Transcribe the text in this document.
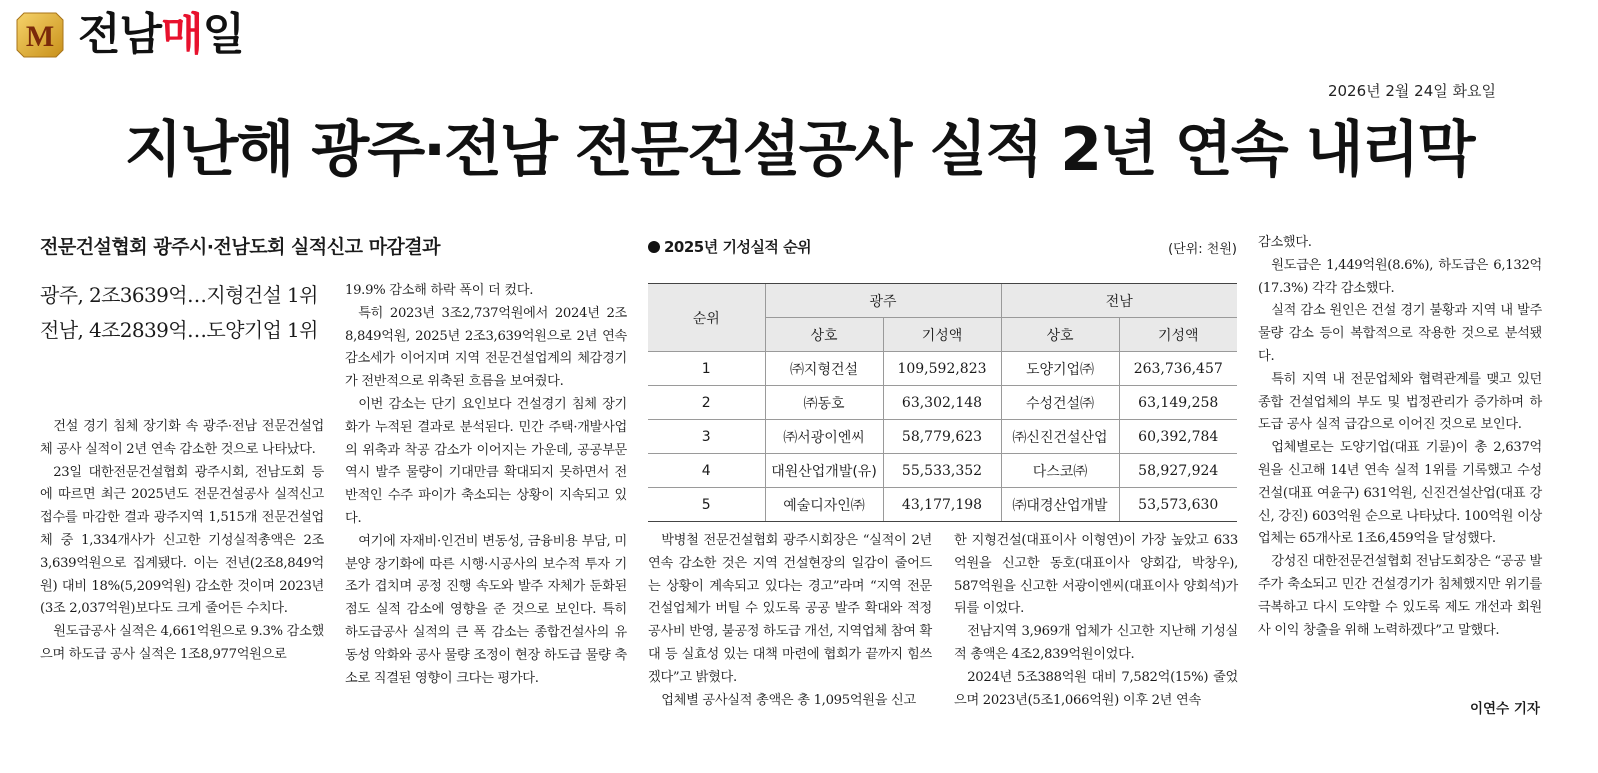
M 전남매일
2026년 2월 24일 화요일
지난해 광주·전남 전문건설공사 실적 2년 연속 내리막
전문건설협회 광주시·전남도회 실적신고 마감결과
광주, 2조3639억…지형건설 1위
전남, 4조2839억…도양기업 1위

건설 경기 침체 장기화 속 광주·전남 전문건설업체 공사 실적이 2년 연속 감소한 것으로 나타났다.

23일 대한전문건설협회 광주시회, 전남도회 등에 따르면 최근 2025년도 전문건설공사 실적신고 접수를 마감한 결과 광주지역 1,515개 전문건설업체 중 1,334개사가 신고한 기성실적총액은 2조3,639억원으로 집계됐다. 이는 전년(2조8,849억원) 대비 18%(5,209억원) 감소한 것이며 2023년(3조 2,037억원)보다도 크게 줄어든 수치다.

원도급공사 실적은 4,661억원으로 9.3% 감소했으며 하도급 공사 실적은 1조8,977억원으로

19.9% 감소해 하락 폭이 더 컸다.

특히 2023년 3조2,737억원에서 2024년 2조8,849억원, 2025년 2조3,639억원으로 2년 연속 감소세가 이어지며 지역 전문건설업계의 체감경기가 전반적으로 위축된 흐름을 보여줬다.

이번 감소는 단기 요인보다 건설경기 침체 장기화가 누적된 결과로 분석된다. 민간 주택·개발사업의 위축과 착공 감소가 이어지는 가운데, 공공부문 역시 발주 물량이 기대만큼 확대되지 못하면서 전반적인 수주 파이가 축소되는 상황이 지속되고 있다.

여기에 자재비·인건비 변동성, 금융비용 부담, 미분양 장기화에 따른 시행·시공사의 보수적 투자 기조가 겹치며 공정 진행 속도와 발주 자체가 둔화된 점도 실적 감소에 영향을 준 것으로 보인다. 특히 하도급공사 실적의 큰 폭 감소는 종합건설사의 유동성 악화와 공사 물량 조정이 현장 하도급 물량 축소로 직결된 영향이 크다는 평가다.

2025년 기성실적 순위	(단위: 천원)
순위	광주		전남	
	상호	기성액	상호	기성액
1	㈜지형건설	109,592,823	도양기업㈜	263,736,457
2	㈜동호	63,302,148	수성건설㈜	63,149,258
3	㈜서광이엔씨	58,779,623	㈜신진건설산업	60,392,784
4	대원산업개발(유)	55,533,352	다스코㈜	58,927,924
5	예술디자인㈜	43,177,198	㈜대경산업개발	53,573,630

박병철 전문건설협회 광주시회장은 “실적이 2년 연속 감소한 것은 지역 건설현장의 일감이 줄어드는 상황이 계속되고 있다는 경고”라며 “지역 전문건설업체가 버틸 수 있도록 공공 발주 확대와 적정공사비 반영, 불공정 하도급 개선, 지역업체 참여 확대 등 실효성 있는 대책 마련에 협회가 끝까지 힘쓰겠다”고 밝혔다.

업체별 공사실적 총액은 총 1,095억원을 신고

한 지형건설(대표이사 이형연)이 가장 높았고 633억원을 신고한 동호(대표이사 양회갑, 박창우), 587억원을 신고한 서광이엔씨(대표이사 양회석)가 뒤를 이었다.

전남지역 3,969개 업체가 신고한 지난해 기성실적 총액은 4조2,839억원이었다.

2024년 5조388억원 대비 7,582억(15%) 줄었으며 2023년(5조1,066억원) 이후 2년 연속

감소했다.

원도급은 1,449억원(8.6%), 하도급은 6,132억(17.3%) 각각 감소했다.

실적 감소 원인은 건설 경기 불황과 지역 내 발주 물량 감소 등이 복합적으로 작용한 것으로 분석됐다.

특히 지역 내 전문업체와 협력관계를 맺고 있던 종합 건설업체의 부도 및 법정관리가 증가하며 하도급 공사 실적 급감으로 이어진 것으로 보인다.

업체별로는 도양기업(대표 기륜)이 총 2,637억원을 신고해 14년 연속 실적 1위를 기록했고 수성건설(대표 여윤구) 631억원, 신진건설산업(대표 강신, 강진) 603억원 순으로 나타났다. 100억원 이상 업체는 65개사로 1조6,459억을 달성했다.

강성진 대한전문건설협회 전남도회장은 “공공 발주가 축소되고 민간 건설경기가 침체했지만 위기를 극복하고 다시 도약할 수 있도록 제도 개선과 회원사 이익 창출을 위해 노력하겠다”고 말했다.

이연수 기자
